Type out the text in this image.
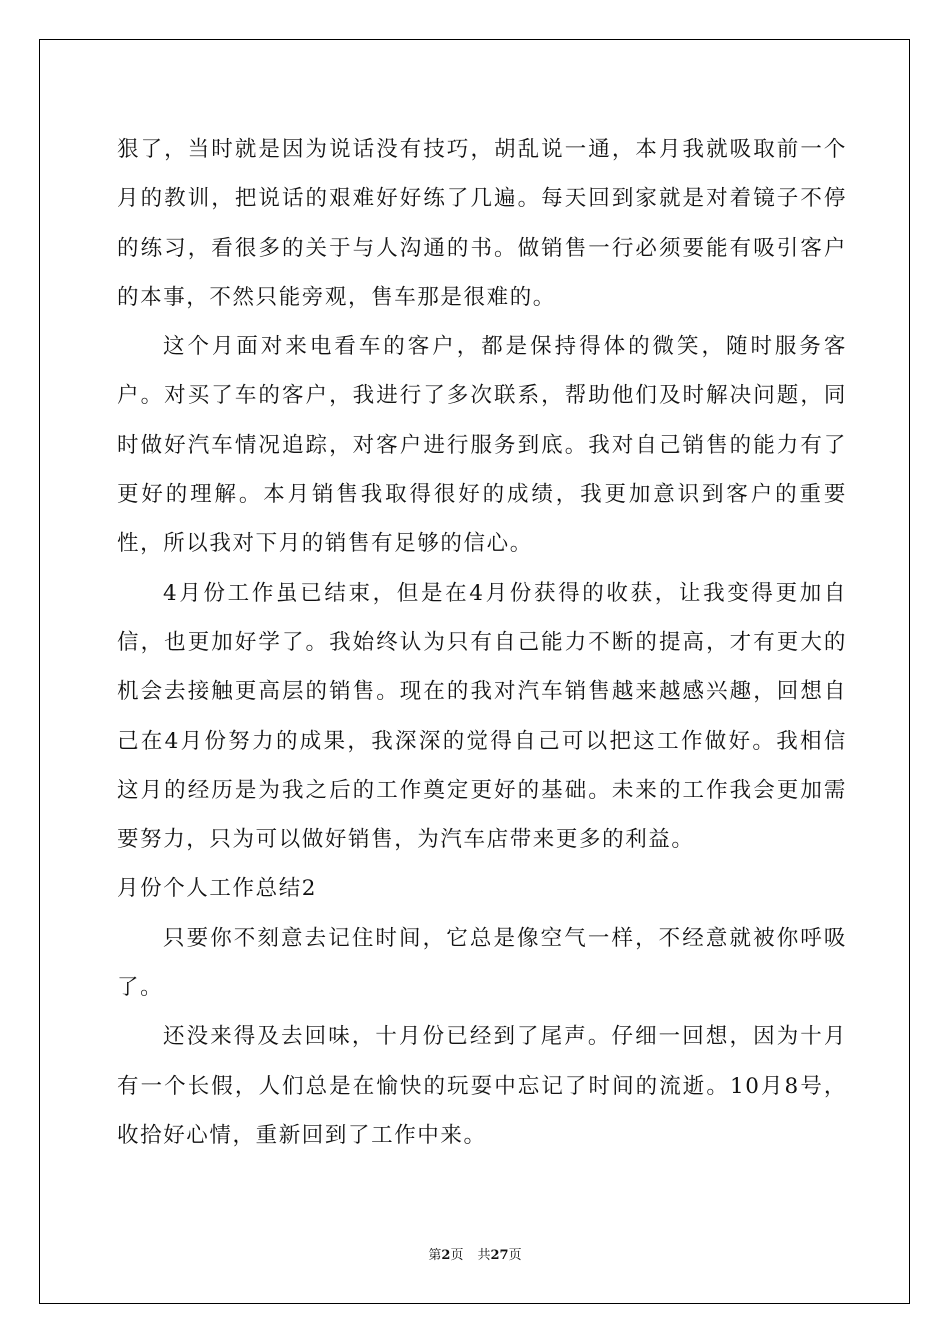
狠了，当时就是因为说话没有技巧，胡乱说一通，本月我就吸取前一个月的教训，把说话的艰难好好练了几遍。每天回到家就是对着镜子不停的练习，看很多的关于与人沟通的书。做销售一行必须要能有吸引客户的本事，不然只能旁观，售车那是很难的。

这个月面对来电看车的客户，都是保持得体的微笑，随时服务客户。对买了车的客户，我进行了多次联系，帮助他们及时解决问题，同时做好汽车情况追踪，对客户进行服务到底。我对自己销售的能力有了更好的理解。本月销售我取得很好的成绩，我更加意识到客户的重要性，所以我对下月的销售有足够的信心。

4月份工作虽已结束，但是在4月份获得的收获，让我变得更加自信，也更加好学了。我始终认为只有自己能力不断的提高，才有更大的机会去接触更高层的销售。现在的我对汽车销售越来越感兴趣，回想自己在4月份努力的成果，我深深的觉得自己可以把这工作做好。我相信这月的经历是为我之后的工作奠定更好的基础。未来的工作我会更加需要努力，只为可以做好销售，为汽车店带来更多的利益。

月份个人工作总结2

只要你不刻意去记住时间，它总是像空气一样，不经意就被你呼吸了。

还没来得及去回味，十月份已经到了尾声。仔细一回想，因为十月有一个长假，人们总是在愉快的玩耍中忘记了时间的流逝。10月8号，收拾好心情，重新回到了工作中来。

第2页 共27页
